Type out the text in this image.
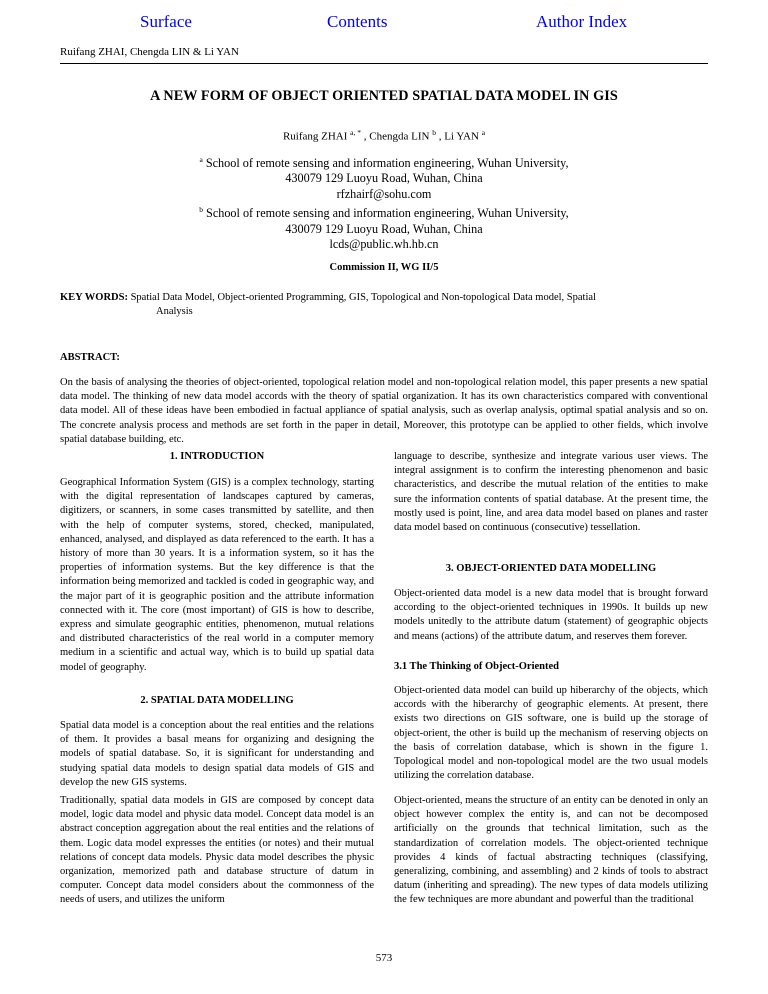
Surface	Contents	Author Index
Ruifang ZHAI, Chengda LIN & Li YAN
A NEW FORM OF OBJECT ORIENTED SPATIAL DATA MODEL IN GIS
Ruifang ZHAI $^{a, *}$ , Chengda LIN $^b$ , Li YAN $^a$
$^a$ School of remote sensing and information engineering, Wuhan University,
430079 129 Luoyu Road, Wuhan, China
rfzhairf@sohu.com
$^b$ School of remote sensing and information engineering, Wuhan University,
430079 129 Luoyu Road, Wuhan, China
lcds@public.wh.hb.cn
Commission II, WG II/5
KEY WORDS: Spatial Data Model, Object-oriented Programming, GIS, Topological and Non-topological Data model, Spatial
Analysis
ABSTRACT:
On the basis of analysing the theories of object-oriented, topological relation model and non-topological relation model, this paper presents a new spatial data model. The thinking of new data model accords with the theory of spatial organization. It has its own characteristics compared with conventional data model. All of these ideas have been embodied in factual appliance of spatial analysis, such as overlap analysis, optimal spatial analysis and so on. The concrete analysis process and methods are set forth in the paper in detail, Moreover, this prototype can be applied to other fields, which involve spatial database building, etc.
1. INTRODUCTION
Geographical Information System (GIS) is a complex technology, starting with the digital representation of landscapes captured by cameras, digitizers, or scanners, in some cases transmitted by satellite, and then with the help of computer systems, stored, checked, manipulated, enhanced, analysed, and displayed as data referenced to the earth. It has a history of more than 30 years. It is a information system, so it has the properties of information systems. But the key difference is that the information being memorized and tackled is coded in geographic way, and the major part of it is geographic position and the attribute information connected with it. The core (most important) of GIS is how to describe, express and simulate geographic entities, phenomenon, mutual relations and distributed characteristics of the real world in a computer memory medium in a scientific and actual way, which is to build up spatial data model of geography.
2. SPATIAL DATA MODELLING
Spatial data model is a conception about the real entities and the relations of them. It provides a basal means for organizing and designing the models of spatial database. So, it is significant for understanding and studying spatial data models to design spatial data models of GIS and develop the new GIS systems.
Traditionally, spatial data models in GIS are composed by concept data model, logic data model and physic data model. Concept data model is an abstract conception aggregation about the real entities and the relations of them. Logic data model expresses the entities (or notes) and their mutual relations of concept data models. Physic data model describes the physic organization, memorized path and database structure of datum in computer. Concept data model considers about the commonness of the needs of users, and utilizes the uniform
language to describe, synthesize and integrate various user views. The integral assignment is to confirm the interesting phenomenon and basic characteristics, and describe the mutual relation of the entities to make sure the information contents of spatial database. At the present time, the mostly used is point, line, and area data model based on planes and raster data model based on continuous (consecutive) tessellation.
3. OBJECT-ORIENTED DATA MODELLING
Object-oriented data model is a new data model that is brought forward according to the object-oriented techniques in 1990s. It builds up new models unitedly to the attribute datum (statement) of geographic objects and means (actions) of the attribute datum, and reserves them forever.
3.1 The Thinking of Object-Oriented
Object-oriented data model can build up hiberarchy of the objects, which accords with the hiberarchy of geographic elements. At present, there exists two directions on GIS software, one is build up the storage of object-orient, the other is build up the mechanism of reserving objects on the basis of correlation database, which is shown in the figure 1. Topological model and non-topological model are the two usual models utilizing the correlation database.
Object-oriented, means the structure of an entity can be denoted in only an object however complex the entity is, and can not be decomposed artificially on the grounds that technical limitation, such as the standardization of correlation models. The object-oriented technique provides 4 kinds of factual abstracting techniques (classifying, generalizing, combining, and assembling) and 2 kinds of tools to abstract datum (inheriting and spreading). The new types of data models utilizing the few techniques are more abundant and powerful than the traditional
573
